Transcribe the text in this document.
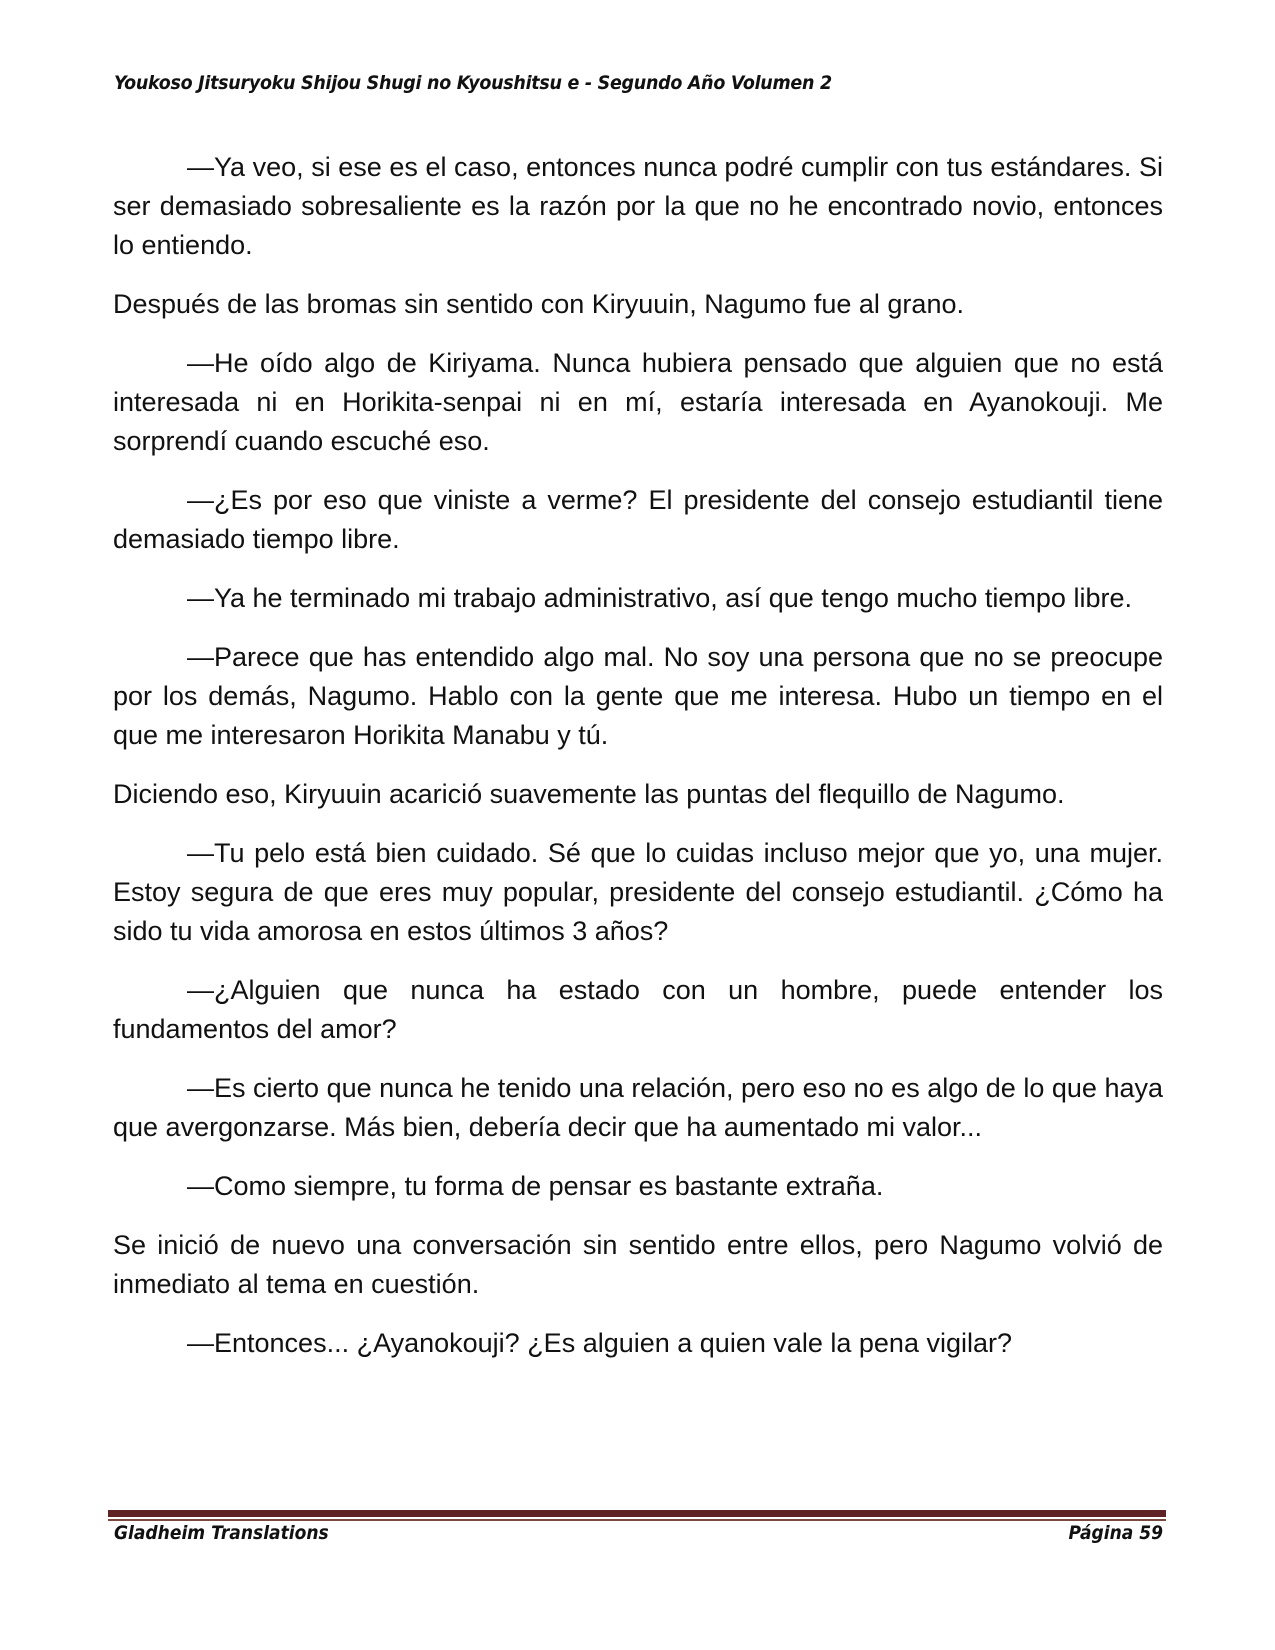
Youkoso Jitsuryoku Shijou Shugi no Kyoushitsu e - Segundo Año Volumen 2

—Ya veo, si ese es el caso, entonces nunca podré cumplir con tus estándares. Si ser demasiado sobresaliente es la razón por la que no he encontrado novio, entonces lo entiendo.

Después de las bromas sin sentido con Kiryuuin, Nagumo fue al grano.

—He oído algo de Kiriyama. Nunca hubiera pensado que alguien que no está interesada ni en Horikita-senpai ni en mí, estaría interesada en Ayanokouji. Me sorprendí cuando escuché eso.

—¿Es por eso que viniste a verme? El presidente del consejo estudiantil tiene demasiado tiempo libre.

—Ya he terminado mi trabajo administrativo, así que tengo mucho tiempo libre.

—Parece que has entendido algo mal. No soy una persona que no se preocupe por los demás, Nagumo. Hablo con la gente que me interesa. Hubo un tiempo en el que me interesaron Horikita Manabu y tú.

Diciendo eso, Kiryuuin acarició suavemente las puntas del flequillo de Nagumo.

—Tu pelo está bien cuidado. Sé que lo cuidas incluso mejor que yo, una mujer. Estoy segura de que eres muy popular, presidente del consejo estudiantil. ¿Cómo ha sido tu vida amorosa en estos últimos 3 años?

—¿Alguien que nunca ha estado con un hombre, puede entender los fundamentos del amor?

—Es cierto que nunca he tenido una relación, pero eso no es algo de lo que haya que avergonzarse. Más bien, debería decir que ha aumentado mi valor...

—Como siempre, tu forma de pensar es bastante extraña.

Se inició de nuevo una conversación sin sentido entre ellos, pero Nagumo volvió de inmediato al tema en cuestión.

—Entonces... ¿Ayanokouji? ¿Es alguien a quien vale la pena vigilar?

Gladheim Translations	Página 59
